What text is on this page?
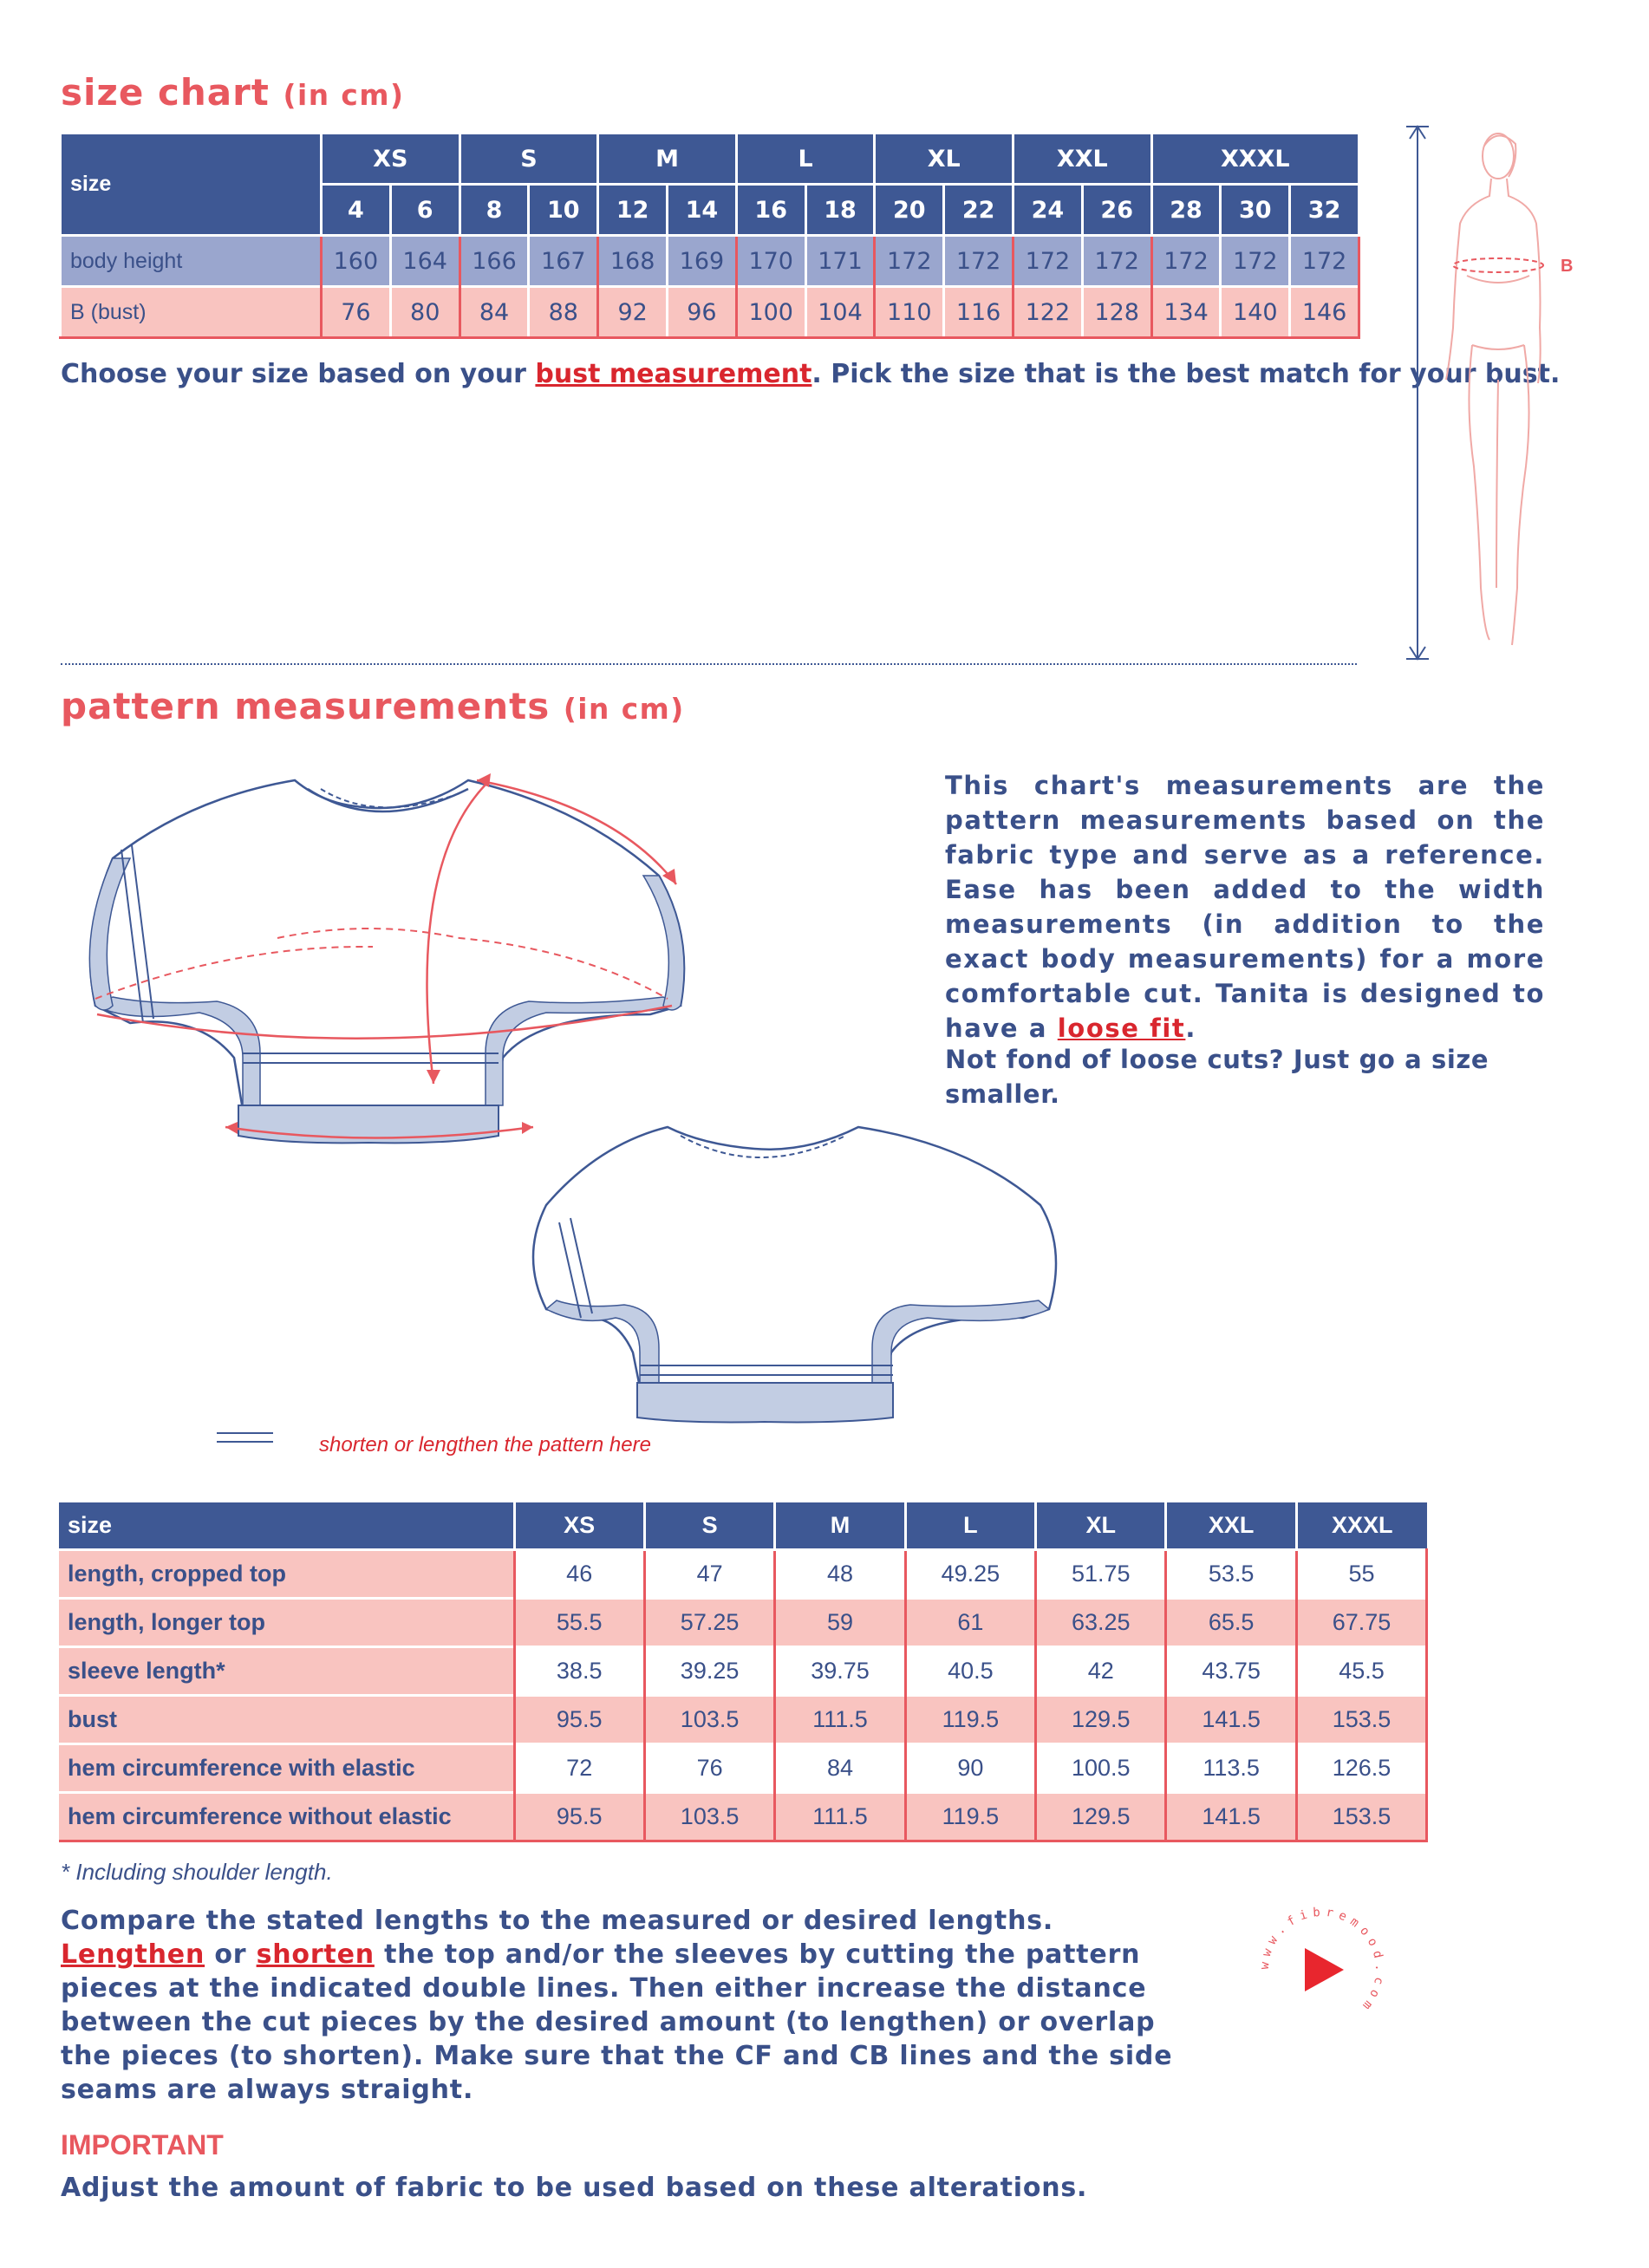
size chart (in cm)
size	XS		S		M		L		XL		XXL		XXXL		
	4	6	8	10	12	14	16	18	20	22	24	26	28	30	32
body height	160	164	166	167	168	169	170	171	172	172	172	172	172	172	172
B (bust)	76	80	84	88	92	96	100	104	110	116	122	128	134	140	146
Choose your size based on your bust measurement. Pick the size that is the best match for your bust.
B
pattern measurements (in cm)
shorten or lengthen the pattern here
This chart's measurements are the pattern measurements based on the fabric type and serve as a reference. Ease has been added to the width measurements (in addition to the exact body measurements) for a more comfortable cut. Tanita is designed to have a loose fit.
Not fond of loose cuts? Just go a size smaller.
size	XS	S	M	L	XL	XXL	XXXL
length, cropped top	46	47	48	49.25	51.75	53.5	55
length, longer top	55.5	57.25	59	61	63.25	65.5	67.75
sleeve length*	38.5	39.25	39.75	40.5	42	43.75	45.5
bust	95.5	103.5	111.5	119.5	129.5	141.5	153.5
hem circumference with elastic	72	76	84	90	100.5	113.5	126.5
hem circumference without elastic	95.5	103.5	111.5	119.5	129.5	141.5	153.5
* Including shoulder length.
Compare the stated lengths to the measured or desired lengths. Lengthen or shorten the top and/or the sleeves by cutting the pattern pieces at the indicated double lines. Then either increase the distance between the cut pieces by the desired amount (to lengthen) or overlap the pieces (to shorten). Make sure that the CF and CB lines and the side seams are always straight.
www.fibremood.com
IMPORTANT
Adjust the amount of fabric to be used based on these alterations.
